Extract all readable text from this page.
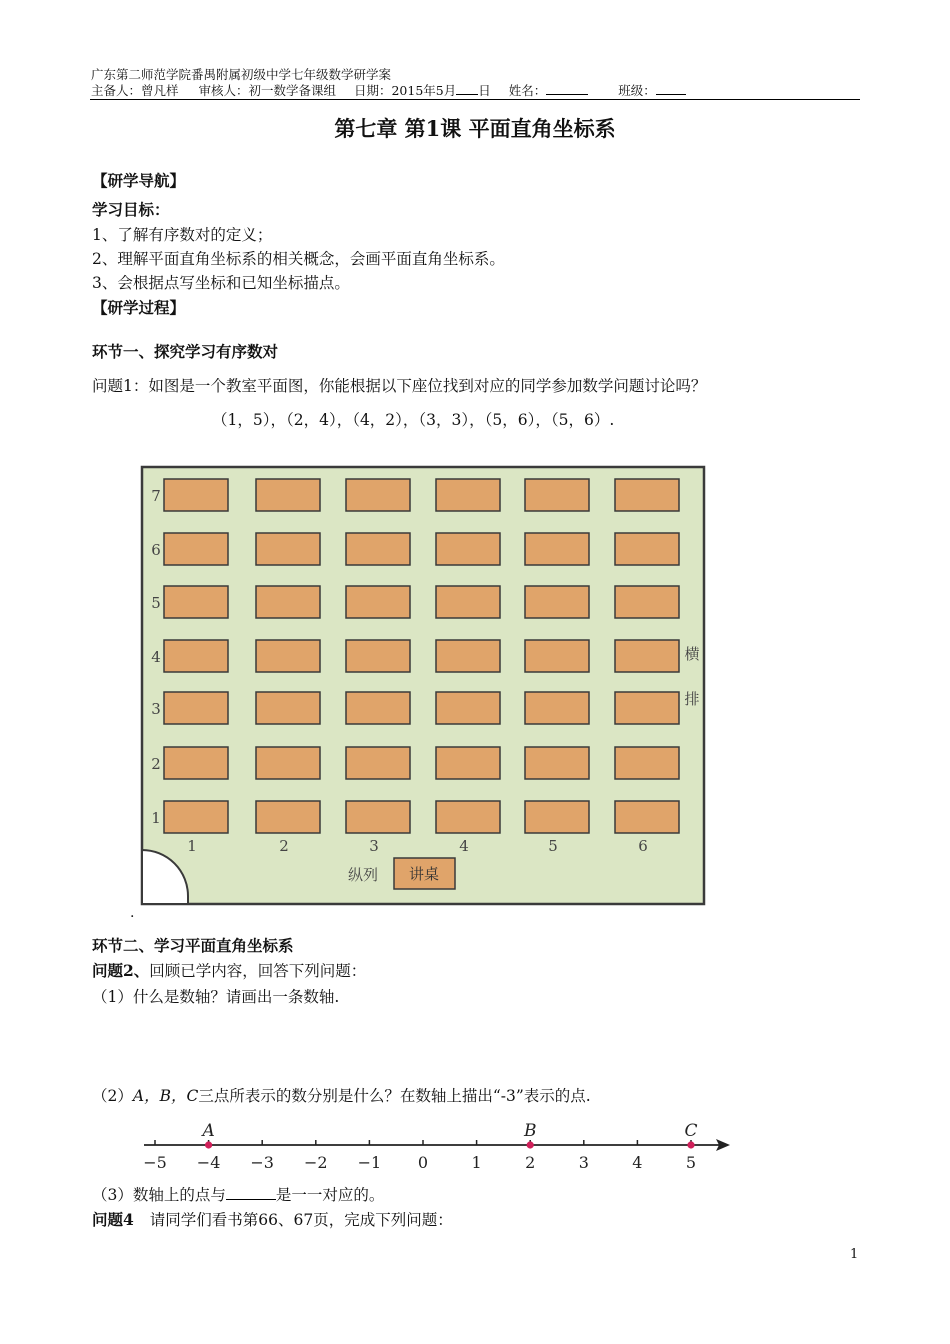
广东第二师范学院番禺附属初级中学七年级数学研学案
主备人：曾凡样 审核人：初一数学备课组 日期：2015年5月 日 姓名：	班级：
第七章 第1课 平面直角坐标系
【研学导航】
学习目标：
1、了解有序数对的定义；
2、理解平面直角坐标系的相关概念，会画平面直角坐标系。
3、会根据点写坐标和已知坐标描点。
【研学过程】
环节一、探究学习有序数对
问题1：如图是一个教室平面图，你能根据以下座位找到对应的同学参加数学问题讨论吗？
（1，5），（2，4），（4，2），（3，3），（5，6），（5，6）.
7
6
5
4
3
2
1
1	2	3	4	5	6
横
排
纵列 讲桌
.
环节二、学习平面直角坐标系
问题2、回顾已学内容，回答下列问题：
（1）什么是数轴？请画出一条数轴.
（2）A，B，C三点所表示的数分别是什么？在数轴上描出“-3”表示的点.
−5 −4 −3 −2 −1 0	1	2	3	4	5
A	B	C
（3）数轴上的点与	是一一对应的。
问题4 请同学们看书第66、67页，完成下列问题：
1
